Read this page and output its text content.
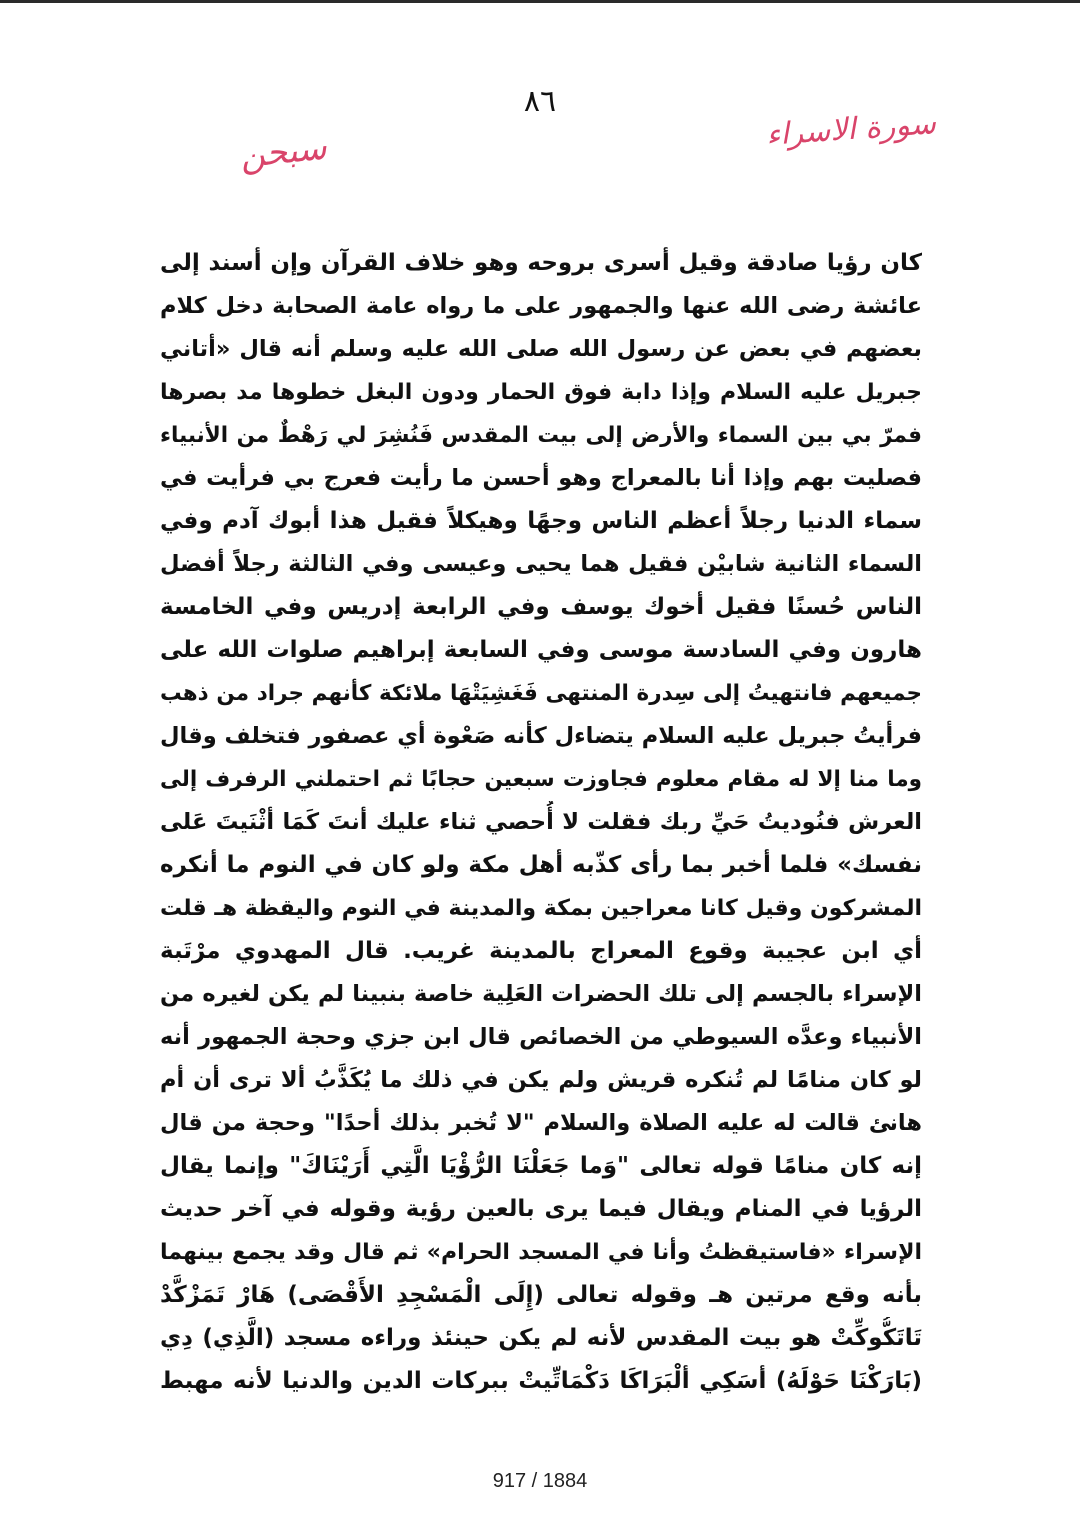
٨٦
سورة الاسراء
سبحن
كان رؤيا صادقة وقيل أسرى بروحه وهو خلاف القرآن وإن أسند إلى
عائشة رضى الله عنها والجمهور على ما رواه عامة الصحابة دخل كلام
بعضهم في بعض عن رسول الله صلى الله عليه وسلم أنه قال «أتاني
جبريل عليه السلام وإذا دابة فوق الحمار ودون البغل خطوها مد بصرها
فمرّ بي بين السماء والأرض إلى بيت المقدس فَنُشِرَ لي رَهْطٌ من الأنبياء
فصليت بهم وإذا أنا بالمعراج وهو أحسن ما رأيت فعرج بي فرأيت في
سماء الدنيا رجلاً أعظم الناس وجهًا وهيكلاً فقيل هذا أبوك آدم وفي
السماء الثانية شابيْن فقيل هما يحيى وعيسى وفي الثالثة رجلاً أفضل
الناس حُسنًا فقيل أخوك يوسف وفي الرابعة إدريس وفي الخامسة
هارون وفي السادسة موسى وفي السابعة إبراهيم صلوات الله على
جميعهم فانتهيتُ إلى سِدرة المنتهى فَغَشِيَتْهَا ملائكة كأنهم جراد من ذهب
فرأيتُ جبريل عليه السلام يتضاءل كأنه صَعْوة أي عصفور فتخلف وقال
وما منا إلا له مقام معلوم فجاوزت سبعين حجابًا ثم احتملني الرفرف إلى
العرش فنُوديتُ حَيِّ ربك فقلت لا أُحصي ثناء عليك أنتَ كَمَا أثْنَيتَ عَلى
نفسك» فلما أخبر بما رأى كذّبه أهل مكة ولو كان في النوم ما أنكره
المشركون وقيل كانا معراجين بمكة والمدينة في النوم واليقظة هـ قلت
أي ابن عجيبة وقوع المعراج بالمدينة غريب. قال المهدوي مرْتَبة
الإسراء بالجسم إلى تلك الحضرات العَلِية خاصة بنبينا لم يكن لغيره من
الأنبياء وعدَّه السيوطي من الخصائص قال ابن جزي وحجة الجمهور أنه
لو كان منامًا لم تُنكره قريش ولم يكن في ذلك ما يُكَذَّبُ ألا ترى أن أم
هانئ قالت له عليه الصلاة والسلام "لا تُخبر بذلك أحدًا" وحجة من قال
إنه كان منامًا قوله تعالى "وَما جَعَلْنَا الرُّؤْيَا الَّتِي أَرَيْنَاكَ" وإنما يقال
الرؤيا في المنام ويقال فيما يرى بالعين رؤية وقوله في آخر حديث
الإسراء «فاستيقظتُ وأنا في المسجد الحرام» ثم قال وقد يجمع بينهما
بأنه وقع مرتين هـ وقوله تعالى (إِلَى الْمَسْجِدِ الأَقْصَى) هَارْ تَمَزْكَّدْ
تَاتَكُّوكِّتْ هو بيت المقدس لأنه لم يكن حينئذ وراءه مسجد (الَّذِي) دِي
(بَارَكْنَا حَوْلَهُ) أسَكِي ألْبَرَاكَا دَكْمَاتِّيتْ ببركات الدين والدنيا لأنه مهبط
917 / 1884
